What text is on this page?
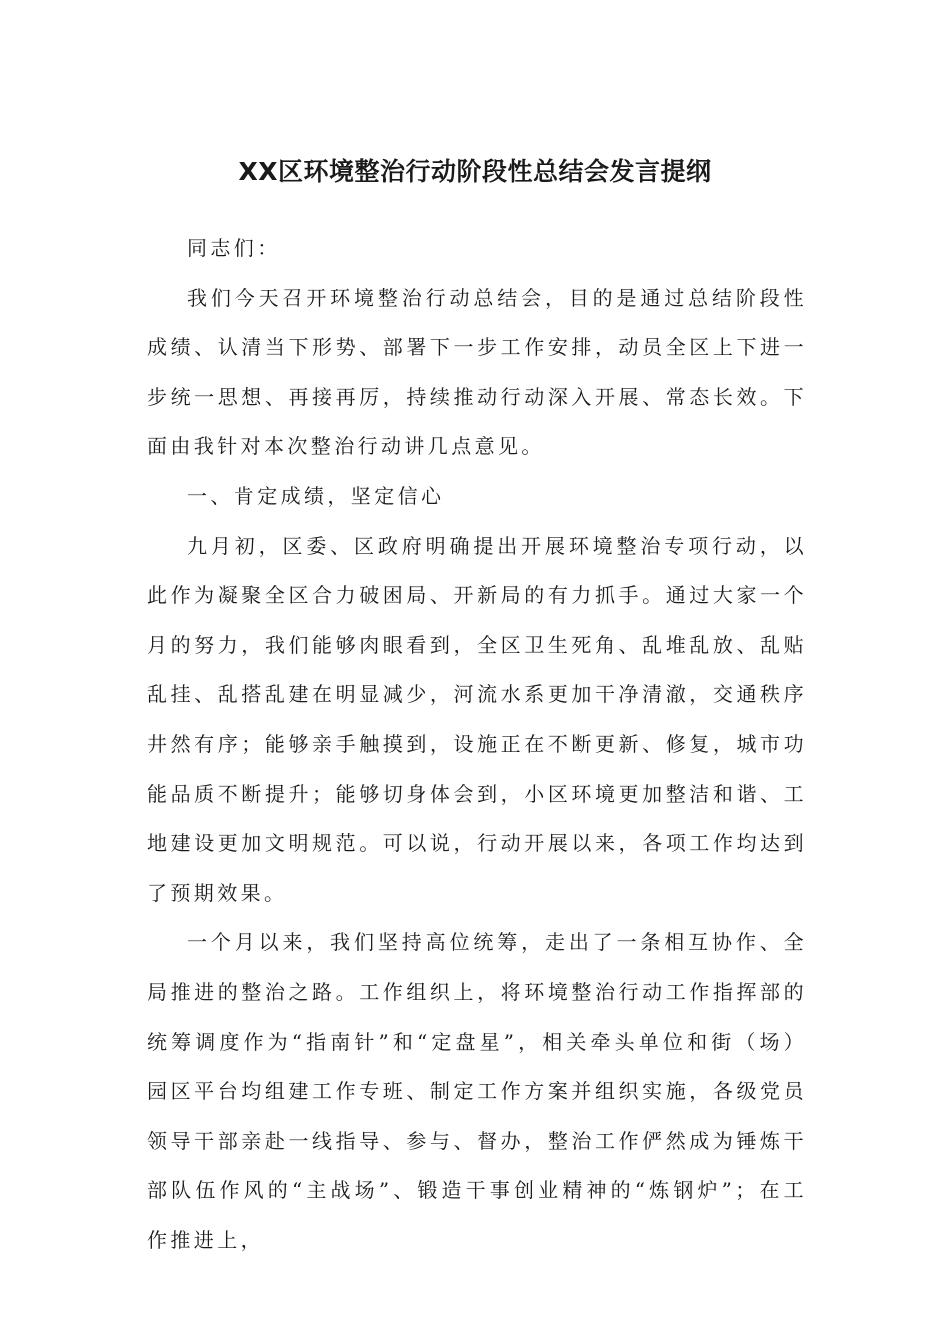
XX区环境整治行动阶段性总结会发言提纲

同志们：

我们今天召开环境整治行动总结会，目的是通过总结阶段性成绩、认清当下形势、部署下一步工作安排，动员全区上下进一步统一思想、再接再厉，持续推动行动深入开展、常态长效。下面由我针对本次整治行动讲几点意见。

一、肯定成绩，坚定信心

九月初，区委、区政府明确提出开展环境整治专项行动，以此作为凝聚全区合力破困局、开新局的有力抓手。通过大家一个月的努力，我们能够肉眼看到，全区卫生死角、乱堆乱放、乱贴乱挂、乱搭乱建在明显减少，河流水系更加干净清澈，交通秩序井然有序；能够亲手触摸到，设施正在不断更新、修复，城市功能品质不断提升；能够切身体会到，小区环境更加整洁和谐、工地建设更加文明规范。可以说，行动开展以来，各项工作均达到了预期效果。

一个月以来，我们坚持高位统筹，走出了一条相互协作、全局推进的整治之路。工作组织上，将环境整治行动工作指挥部的统筹调度作为“指南针”和“定盘星”，相关牵头单位和街（场）园区平台均组建工作专班、制定工作方案并组织实施，各级党员领导干部亲赴一线指导、参与、督办，整治工作俨然成为锤炼干部队伍作风的“主战场”、锻造干事创业精神的“炼钢炉”；在工作推进上，
